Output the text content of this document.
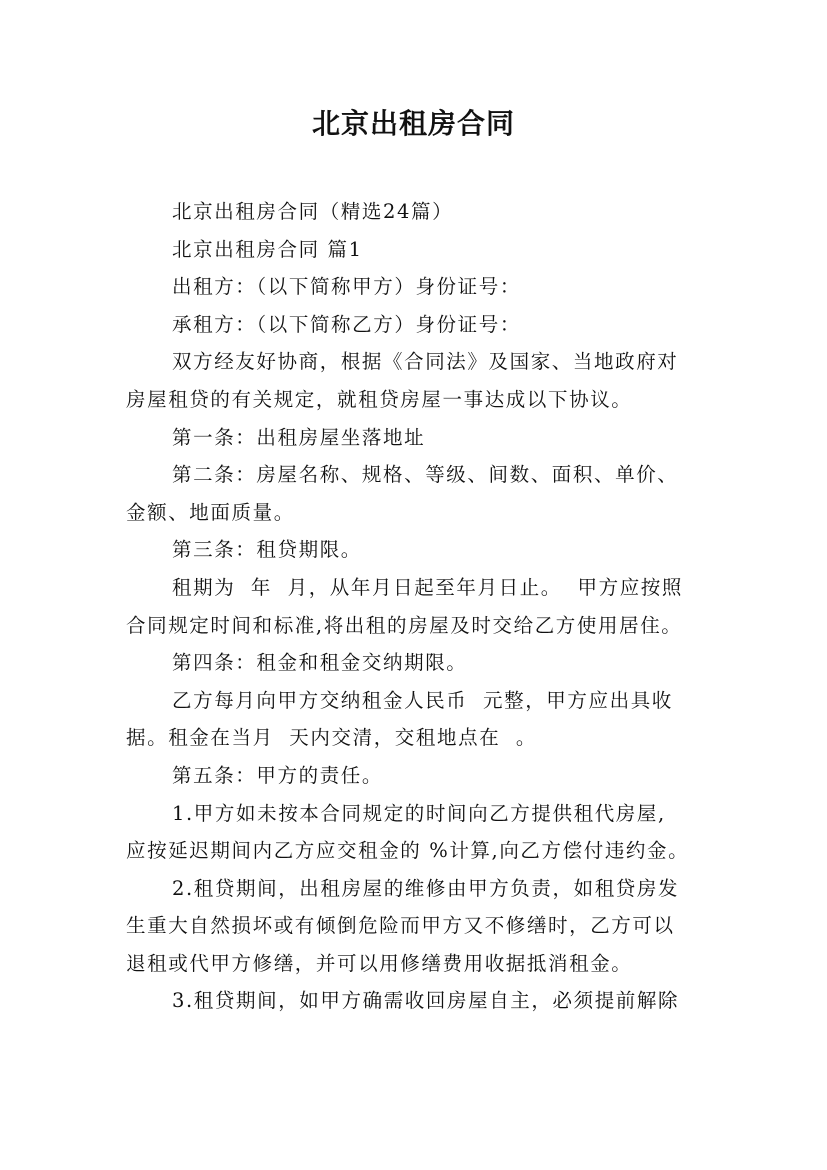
北京出租房合同

北京出租房合同（精选24篇）

北京出租房合同 篇1

出租方：（以下简称甲方）身份证号：

承租方：（以下简称乙方）身份证号：

双方经友好协商，根据《合同法》及国家、当地政府对
房屋租贷的有关规定，就租贷房屋一事达成以下协议。

第一条：出租房屋坐落地址

第二条：房屋名称、规格、等级、间数、面积、单价、
金额、地面质量。

第三条：租贷期限。

租期为  年  月，从年月日起至年月日止。  甲方应按照
合同规定时间和标准,将出租的房屋及时交给乙方使用居住。

第四条：租金和租金交纳期限。

乙方每月向甲方交纳租金人民币  元整，甲方应出具收
据。租金在当月  天内交清，交租地点在  。

第五条：甲方的责任。

1.甲方如未按本合同规定的时间向乙方提供租代房屋,
应按延迟期间内乙方应交租金的 %计算,向乙方偿付违约金。

2.租贷期间，出租房屋的维修由甲方负责，如租贷房发
生重大自然损坏或有倾倒危险而甲方又不修缮时，乙方可以
退租或代甲方修缮，并可以用修缮费用收据抵消租金。

3.租贷期间，如甲方确需收回房屋自主，必须提前解除
